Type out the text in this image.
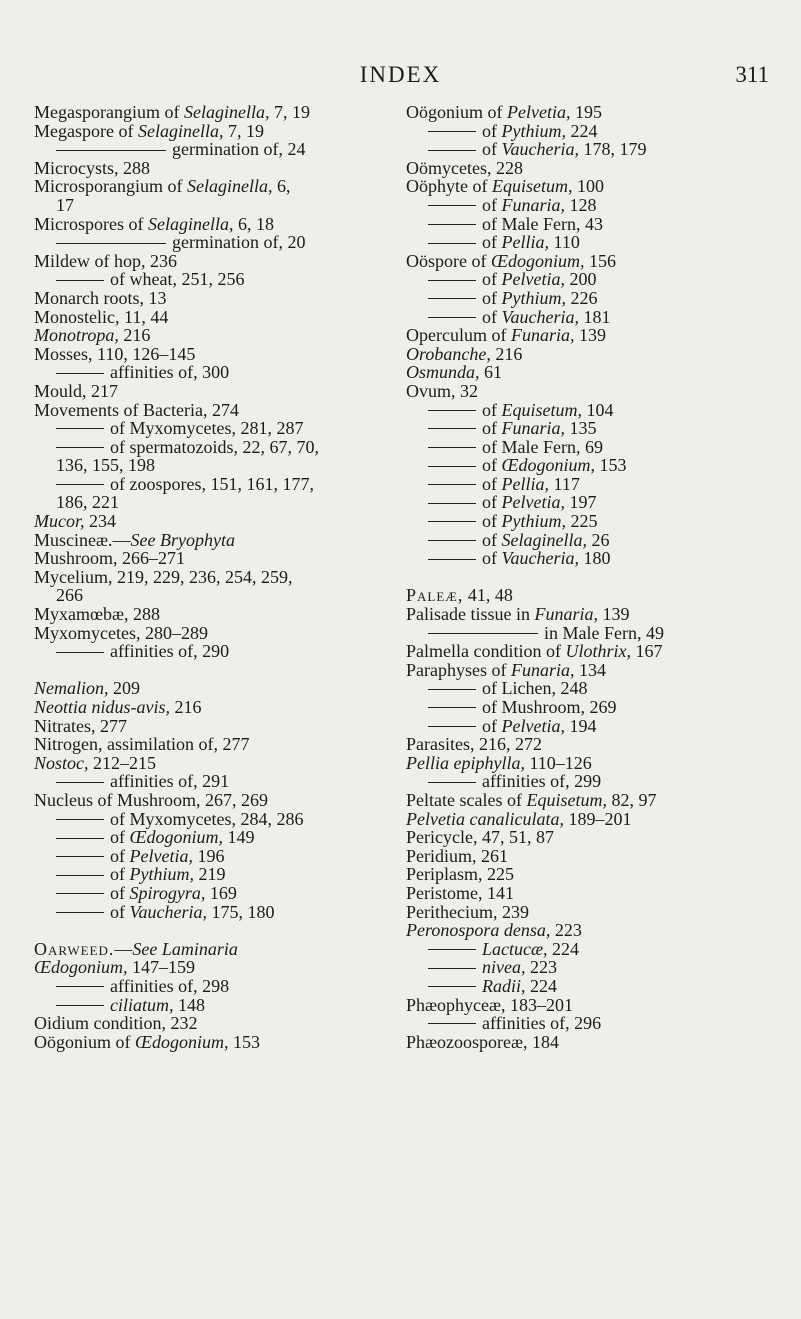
INDEX	311
Megasporangium of Selaginella, 7, 19
Megaspore of Selaginella, 7, 19
germination of, 24
Microcysts, 288
Microsporangium of Selaginella, 6,
17
Microspores of Selaginella, 6, 18
germination of, 20
Mildew of hop, 236
of wheat, 251, 256
Monarch roots, 13
Monostelic, 11, 44
Monotropa, 216
Mosses, 110, 126–145
affinities of, 300
Mould, 217
Movements of Bacteria, 274
of Myxomycetes, 281, 287
of spermatozoids, 22, 67, 70,
136, 155, 198
of zoospores, 151, 161, 177,
186, 221
Mucor, 234
Muscineæ.—See Bryophyta
Mushroom, 266–271
Mycelium, 219, 229, 236, 254, 259,
266
Myxamœbæ, 288
Myxomycetes, 280–289
affinities of, 290
Nemalion, 209
Neottia nidus-avis, 216
Nitrates, 277
Nitrogen, assimilation of, 277
Nostoc, 212–215
affinities of, 291
Nucleus of Mushroom, 267, 269
of Myxomycetes, 284, 286
of Œdogonium, 149
of Pelvetia, 196
of Pythium, 219
of Spirogyra, 169
of Vaucheria, 175, 180
Oarweed.—See Laminaria
Œdogonium, 147–159
affinities of, 298
ciliatum, 148
Oidium condition, 232
Oögonium of Œdogonium, 153
Oögonium of Pelvetia, 195
of Pythium, 224
of Vaucheria, 178, 179
Oömycetes, 228
Oöphyte of Equisetum, 100
of Funaria, 128
of Male Fern, 43
of Pellia, 110
Oöspore of Œdogonium, 156
of Pelvetia, 200
of Pythium, 226
of Vaucheria, 181
Operculum of Funaria, 139
Orobanche, 216
Osmunda, 61
Ovum, 32
of Equisetum, 104
of Funaria, 135
of Male Fern, 69
of Œdogonium, 153
of Pellia, 117
of Pelvetia, 197
of Pythium, 225
of Selaginella, 26
of Vaucheria, 180
Paleæ, 41, 48
Palisade tissue in Funaria, 139
in Male Fern, 49
Palmella condition of Ulothrix, 167
Paraphyses of Funaria, 134
of Lichen, 248
of Mushroom, 269
of Pelvetia, 194
Parasites, 216, 272
Pellia epiphylla, 110–126
affinities of, 299
Peltate scales of Equisetum, 82, 97
Pelvetia canaliculata, 189–201
Pericycle, 47, 51, 87
Peridium, 261
Periplasm, 225
Peristome, 141
Perithecium, 239
Peronospora densa, 223
Lactucæ, 224
nivea, 223
Radii, 224
Phæophyceæ, 183–201
affinities of, 296
Phæozoosporeæ, 184
